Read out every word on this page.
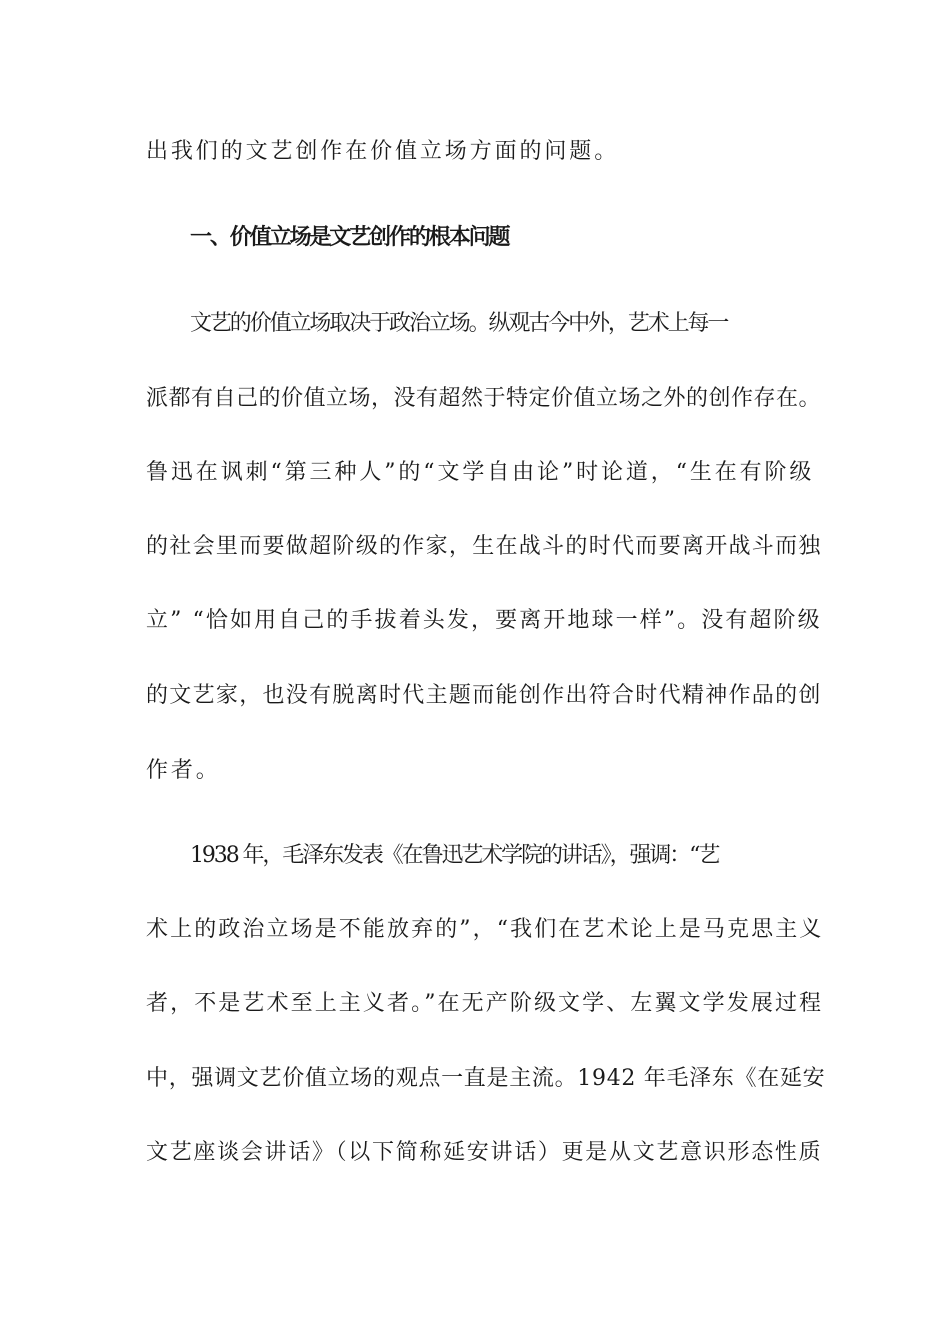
出我们的文艺创作在价值立场方面的问题。
一、价值立场是文艺创作的根本问题
文艺的价值立场取决于政治立场。纵观古今中外，艺术上每一
派都有自己的价值立场，没有超然于特定价值立场之外的创作存在。
鲁迅在讽刺“第三种人”的“文学自由论”时论道，“生在有阶级
的社会里而要做超阶级的作家，生在战斗的时代而要离开战斗而独
立” “恰如用自己的手拔着头发，要离开地球一样”。没有超阶级
的文艺家，也没有脱离时代主题而能创作出符合时代精神作品的创
作者。
1938 年，毛泽东发表《在鲁迅艺术学院的讲话》，强调：“艺
术上的政治立场是不能放弃的”，“我们在艺术论上是马克思主义
者，不是艺术至上主义者。”在无产阶级文学、左翼文学发展过程
中，强调文艺价值立场的观点一直是主流。1942 年毛泽东《在延安
文艺座谈会讲话》（以下简称延安讲话）更是从文艺意识形态性质
